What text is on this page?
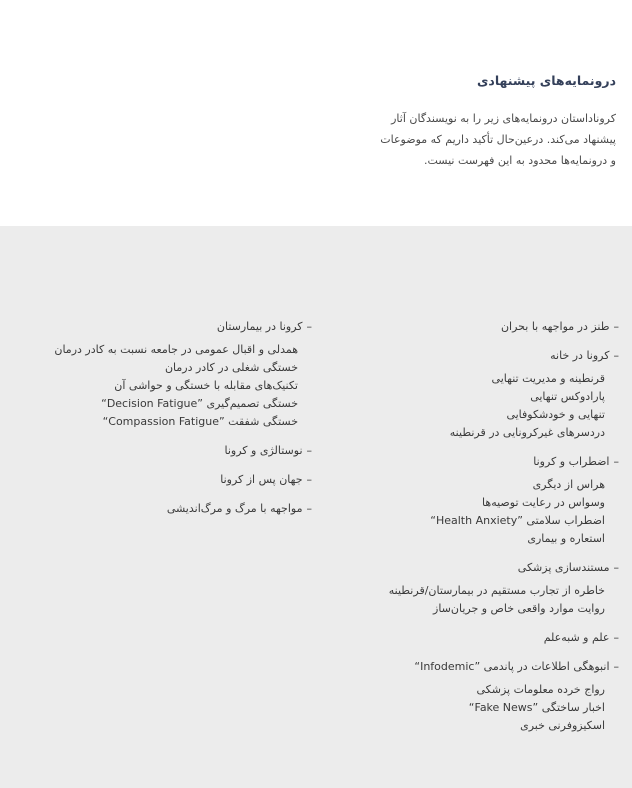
درونمایه‌های پیشنهادی
کروناداستان درونمایه‌های زیر را به نویسندگان آثار
پیشنهاد می‌کند. درعین‌حال تأکید داریم که موضوعات
و درونمایه‌ها محدود به این فهرست نیست.
–طنز در مواجهه با بحران
–کرونا در خانه
قرنطینه و مدیریت تنهایی
پارادوکس تنهایی
تنهایی و خودشکوفایی
دردسرهای غیرکرونایی در قرنطینه
–اضطراب و کرونا
هراس از دیگری
وسواس در رعایت توصیه‌ها
اضطراب سلامتی ”Health Anxiety“
استعاره و بیماری
–مستندسازی پزشکی
خاطره از تجارب مستقیم در بیمارستان/قرنطینه
روایت موارد واقعی خاص و جریان‌ساز
–علم و شبه‌علم
–انبوهگی اطلاعات در پاندمی ”Infodemic“
رواج خرده معلومات پزشکی
اخبار ساختگی ”Fake News“
اسکیزوفرنی خبری
–کرونا در بیمارستان
همدلی و اقبال عمومی در جامعه نسبت به کادر درمان
خستگی شغلی در کادر درمان
تکنیک‌های مقابله با خستگی و حواشی آن
خستگی تصمیم‌گیری ”Decision Fatigue“
خستگی شفقت ”Compassion Fatigue“
–نوستالژی و کرونا
–جهان پس از کرونا
–مواجهه با مرگ و مرگ‌اندیشی
